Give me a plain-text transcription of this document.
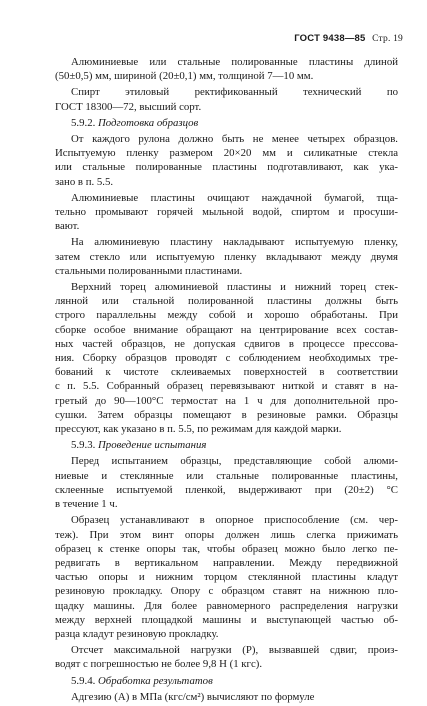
ГОСТ 9438—85 Стр. 19
Алюминиевые или стальные полированные пластины длиной
(50±0,5) мм, шириной (20±0,1) мм, толщиной 7—10 мм.
Спирт этиловый ректификованный технический по
ГОСТ 18300—72, высший сорт.
5.9.2. Подготовка образцов
От каждого рулона должно быть не менее четырех образцов.
Испытуемую пленку размером 20×20 мм и силикатные стекла
или стальные полированные пластины подготавливают, как ука-
зано в п. 5.5.
Алюминиевые пластины очищают наждачной бумагой, тща-
тельно промывают горячей мыльной водой, спиртом и просуши-
вают.
На алюминиевую пластину накладывают испытуемую пленку,
затем стекло или испытуемую пленку вкладывают между двумя
стальными полированными пластинами.
Верхний торец алюминиевой пластины и нижний торец стек-
лянной или стальной полированной пластины должны быть
строго параллельны между собой и хорошо обработаны. При
сборке особое внимание обращают на центрирование всех состав-
ных частей образцов, не допуская сдвигов в процессе прессова-
ния. Сборку образцов проводят с соблюдением необходимых тре-
бований к чистоте склеиваемых поверхностей в соответствии
с п. 5.5. Собранный образец перевязывают ниткой и ставят в на-
гретый до 90—100°С термостат на 1 ч для дополнительной про-
сушки. Затем образцы помещают в резиновые рамки. Образцы
прессуют, как указано в п. 5.5, по режимам для каждой марки.
5.9.3. Проведение испытания
Перед испытанием образцы, представляющие собой алюми-
ниевые и стеклянные или стальные полированные пластины,
склеенные испытуемой пленкой, выдерживают при (20±2) °С
в течение 1 ч.
Образец устанавливают в опорное приспособление (см. чер-
теж). При этом винт опоры должен лишь слегка прижимать
образец к стенке опоры так, чтобы образец можно было легко пе-
редвигать в вертикальном направлении. Между передвижной
частью опоры и нижним торцом стеклянной пластины кладут
резиновую прокладку. Опору с образцом ставят на нижнюю пло-
щадку машины. Для более равномерного распределения нагрузки
между верхней площадкой машины и выступающей частью об-
разца кладут резиновую прокладку.
Отсчет максимальной нагрузки (P), вызвавшей сдвиг, произ-
водят с погрешностью не более 9,8 Н (1 кгс).
5.9.4. Обработка результатов
Адгезию (A) в МПа (кгс/см²) вычисляют по формуле
